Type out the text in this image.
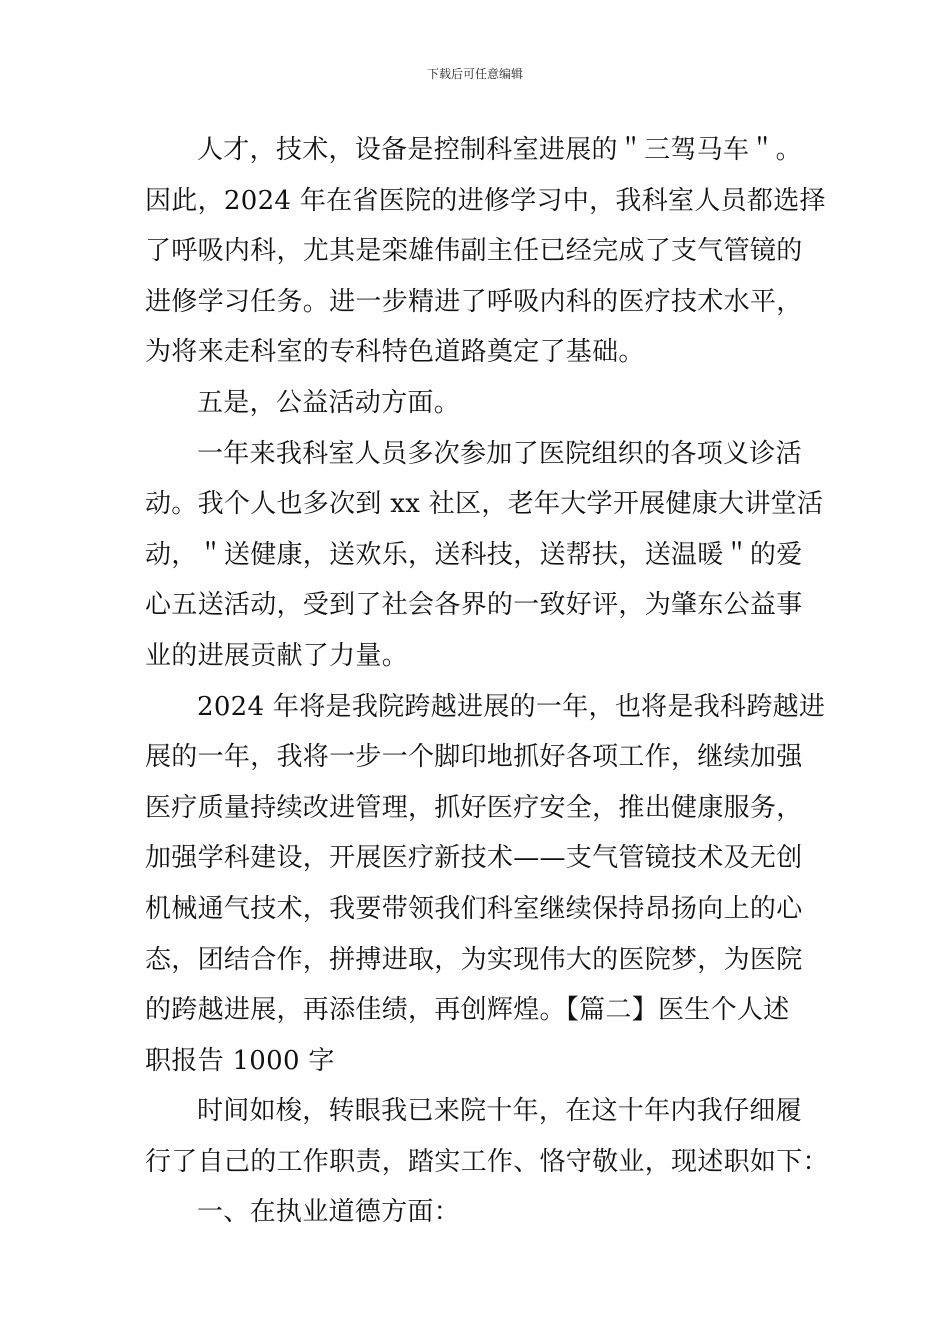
下载后可任意编辑
人才，技术，设备是控制科室进展的＂三驾马车＂。
因此，2024 年在省医院的进修学习中，我科室人员都选择
了呼吸内科，尤其是栾雄伟副主任已经完成了支气管镜的
进修学习任务。进一步精进了呼吸内科的医疗技术水平，
为将来走科室的专科特色道路奠定了基础。
五是，公益活动方面。
一年来我科室人员多次参加了医院组织的各项义诊活
动。我个人也多次到 xx 社区，老年大学开展健康大讲堂活
动，＂送健康，送欢乐，送科技，送帮扶，送温暖＂的爱
心五送活动，受到了社会各界的一致好评，为肇东公益事
业的进展贡献了力量。
2024 年将是我院跨越进展的一年，也将是我科跨越进
展的一年，我将一步一个脚印地抓好各项工作，继续加强
医疗质量持续改进管理，抓好医疗安全，推出健康服务，
加强学科建设，开展医疗新技术——支气管镜技术及无创
机械通气技术，我要带领我们科室继续保持昂扬向上的心
态，团结合作，拼搏进取，为实现伟大的医院梦，为医院
的跨越进展，再添佳绩，再创辉煌。【篇二】医生个人述
职报告 1000 字
时间如梭，转眼我已来院十年，在这十年内我仔细履
行了自己的工作职责，踏实工作、恪守敬业，现述职如下：
一、在执业道德方面：
